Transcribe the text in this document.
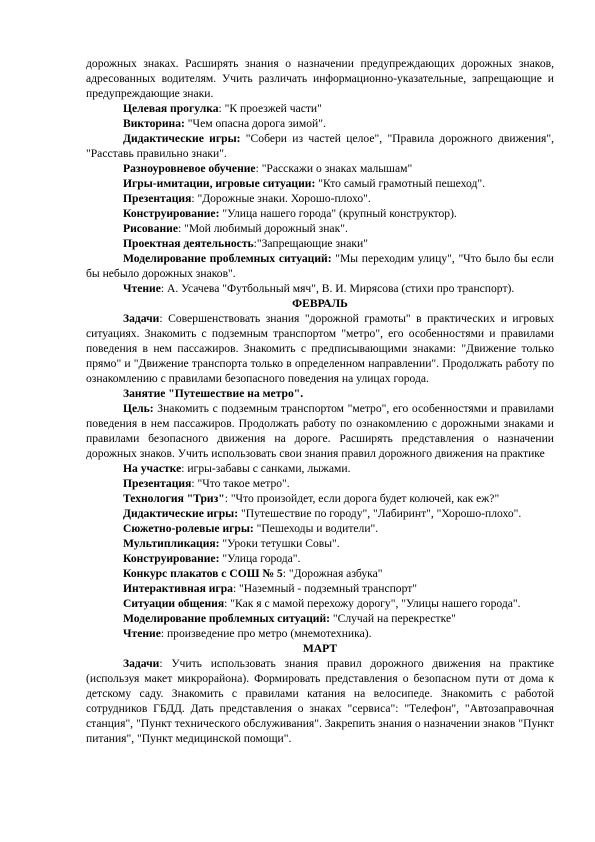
дорожных знаках. Расширять знания о назначении предупреждающих дорожных знаков, адресованных водителям. Учить различать информационно-указательные, запрещающие и предупреждающие знаки.

Целевая прогулка: "К проезжей части"

Викторина: "Чем опасна дорога зимой".

Дидактические игры: "Собери из частей целое", "Правила дорожного движения", "Расставь правильно знаки".

Разноуровневое обучение: "Расскажи о знаках малышам"

Игры-имитации, игровые ситуации: "Кто самый грамотный пешеход".

Презентация: "Дорожные знаки. Хорошо-плохо".

Конструирование: "Улица нашего города" (крупный конструктор).

Рисование: "Мой любимый дорожный знак".

Проектная деятельность:"Запрещающие знаки"

Моделирование проблемных ситуаций: "Мы переходим улицу", "Что было бы если бы небыло дорожных знаков".

Чтение: А. Усачева "Футбольный мяч", В. И. Мирясова (стихи про транспорт).

ФЕВРАЛЬ

Задачи: Совершенствовать знания "дорожной грамоты" в практических и игровых ситуациях. Знакомить с подземным транспортом "метро", его особенностями и правилами поведения в нем пассажиров. Знакомить с предписывающими знаками: "Движение только прямо" и "Движение транспорта только в определенном направлении". Продолжать работу по ознакомлению с правилами безопасного поведения на улицах города.

Занятие "Путешествие на метро".

Цель: Знакомить с подземным транспортом "метро", его особенностями и правилами поведения в нем пассажиров. Продолжать работу по ознакомлению с дорожными знаками и правилами безопасного движения на дороге. Расширять представления о назначении дорожных знаков. Учить использовать свои знания правил дорожного движения на практике

На участке: игры-забавы с санками, лыжами.

Презентация: "Что такое метро".

Технология "Триз": "Что произойдет, если дорога будет колючей, как еж?"

Дидактические игры: "Путешествие по городу", "Лабиринт", "Хорошо-плохо".

Сюжетно-ролевые игры: "Пешеходы и водители".

Мультипликация: "Уроки тетушки Совы".

Конструирование: "Улица города".

Конкурс плакатов с СОШ № 5: "Дорожная азбука"

Интерактивная игра: "Наземный - подземный транспорт"

Ситуации общения: "Как я с мамой перехожу дорогу", "Улицы нашего города".

Моделирование проблемных ситуаций: "Случай на перекрестке"

Чтение: произведение про метро (мнемотехника).

МАРТ

Задачи: Учить использовать знания правил дорожного движения на практике (используя макет микрорайона). Формировать представления о безопасном пути от дома к детскому саду. Знакомить с правилами катания на велосипеде. Знакомить с работой сотрудников ГБДД. Дать представления о знаках "сервиса": "Телефон", "Автозаправочная станция", "Пункт технического обслуживания". Закрепить знания о назначении знаков "Пункт питания", "Пункт медицинской помощи".
